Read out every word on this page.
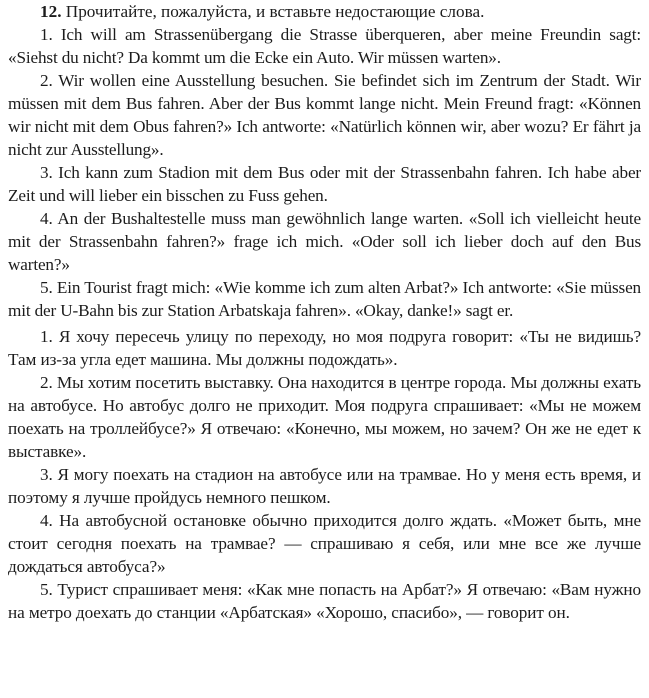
12. Прочитайте, пожалуйста, и вставьте недостающие слова.

1. Ich will am Strassenübergang die Strasse überqueren, aber meine Freundin sagt: «Siehst du nicht? Da kommt um die Ecke ein Auto. Wir müssen warten».

2. Wir wollen eine Ausstellung besuchen. Sie befindet sich im Zentrum der Stadt. Wir müssen mit dem Bus fahren. Aber der Bus kommt lange nicht. Mein Freund fragt: «Können wir nicht mit dem Obus fahren?» Ich antworte: «Natürlich können wir, aber wozu? Er fährt ja nicht zur Ausstellung».

3. Ich kann zum Stadion mit dem Bus oder mit der Strassenbahn fahren. Ich habe aber Zeit und will lieber ein bisschen zu Fuss gehen.

4. An der Bushaltestelle muss man gewöhnlich lange warten. «Soll ich vielleicht heute mit der Strassenbahn fahren?» frage ich mich. «Oder soll ich lieber doch auf den Bus warten?»

5. Ein Tourist fragt mich: «Wie komme ich zum alten Arbat?» Ich antworte: «Sie müssen mit der U-Bahn bis zur Station Arbatskaja fahren». «Okay, danke!» sagt er.

1. Я хочу пересечь улицу по переходу, но моя подруга говорит: «Ты не видишь? Там из-за угла едет машина. Мы должны подождать».

2. Мы хотим посетить выставку. Она находится в центре города. Мы должны ехать на автобусе. Но автобус долго не приходит. Моя подруга спрашивает: «Мы не можем поехать на троллейбусе?» Я отвечаю: «Конечно, мы можем, но зачем? Он же не едет к выставке».

3. Я могу поехать на стадион на автобусе или на трамвае. Но у меня есть время, и поэтому я лучше пройдусь немного пешком.

4. На автобусной остановке обычно приходится долго ждать. «Может быть, мне стоит сегодня поехать на трамвае? — спрашиваю я себя, или мне все же лучше дождаться автобуса?»

5. Турист спрашивает меня: «Как мне попасть на Арбат?» Я отвечаю: «Вам нужно на метро доехать до станции «Арбатская» «Хорошо, спасибо», — говорит он.
